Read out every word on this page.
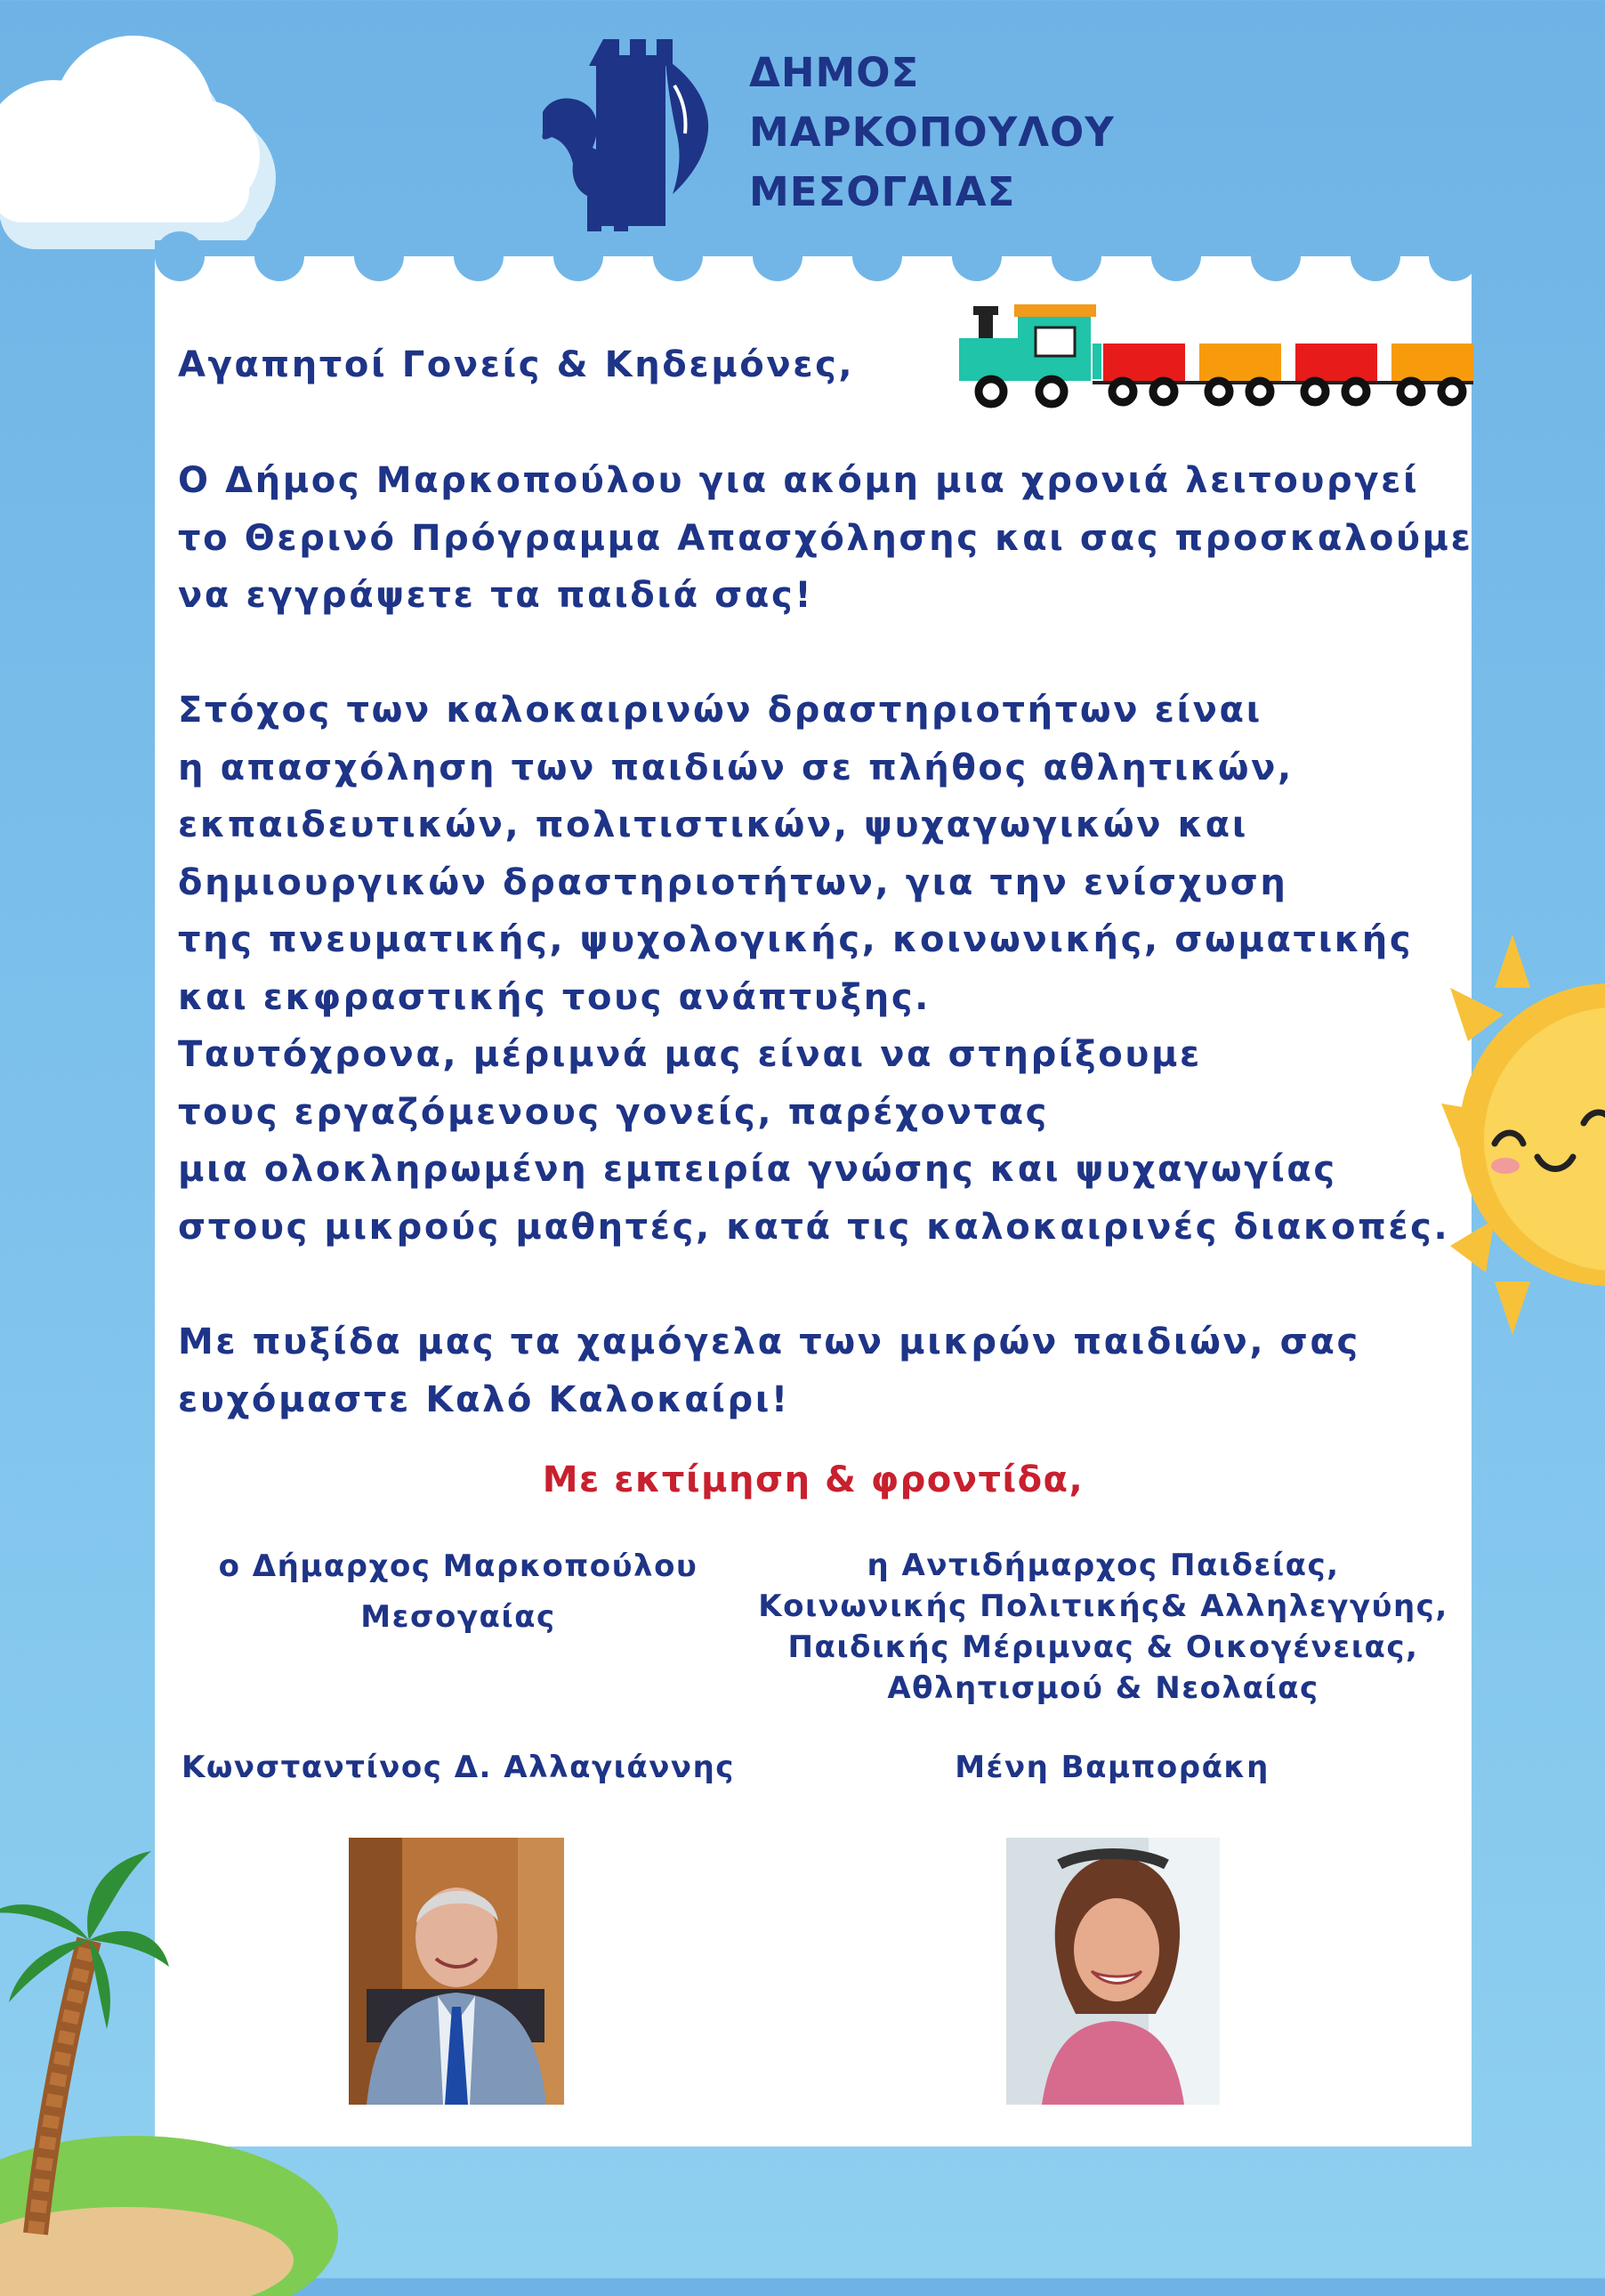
ΔΗΜΟΣ
ΜΑΡΚΟΠΟΥΛΟΥ
ΜΕΣΟΓΑΙΑΣ
Αγαπητοί Γονείς & Κηδεμόνες,
Ο Δήμος Μαρκοπούλου για ακόμη μια χρονιά λειτουργεί
το Θερινό Πρόγραμμα Απασχόλησης και σας προσκαλούμε
να εγγράψετε τα παιδιά σας!
Στόχος των καλοκαιρινών δραστηριοτήτων είναι
η απασχόληση των παιδιών σε πλήθος αθλητικών,
εκπαιδευτικών, πολιτιστικών, ψυχαγωγικών και
δημιουργικών δραστηριοτήτων, για την ενίσχυση
της πνευματικής, ψυχολογικής, κοινωνικής, σωματικής
και εκφραστικής τους ανάπτυξης.
Ταυτόχρονα, μέριμνά μας είναι να στηρίξουμε
τους εργαζόμενους γονείς, παρέχοντας
μια ολοκληρωμένη εμπειρία γνώσης και ψυχαγωγίας
στους μικρούς μαθητές, κατά τις καλοκαιρινές διακοπές.
Με πυξίδα μας τα χαμόγελα των μικρών παιδιών, σας
ευχόμαστε Καλό Καλοκαίρι!
Με εκτίμηση & φροντίδα,
ο Δήμαρχος Μαρκοπούλου
Μεσογαίας
η Αντιδήμαρχος Παιδείας,
Κοινωνικής Πολιτικής& Αλληλεγγύης,
Παιδικής Μέριμνας & Οικογένειας,
Αθλητισμού & Νεολαίας
Κωνσταντίνος Δ. Αλλαγιάννης	Μένη Βαμποράκη
